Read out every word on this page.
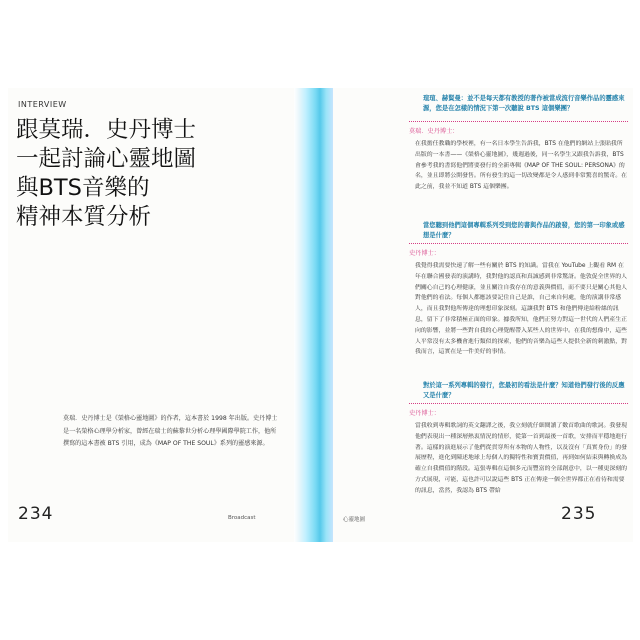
INTERVIEW
跟莫瑞．史丹博士
一起討論心靈地圖
與BTS音樂的
精神本質分析

莫瑞．史丹博士是《榮格心靈地圖》的作者，這本書於 1998 年出版。史丹博士是一名榮格心理學分析家，曾經在瑞士的蘇黎世分析心理學國際學院工作，他所撰寫的這本書被 BTS 引用，成為《MAP OF THE SOUL》系列的靈感來源。

234	Broadcast

瑄瑄、赫賢曼：並不是每天都有教授的著作被當成流行音樂作品的靈感來源，您是在怎樣的情況下第一次聽說 BTS 這個樂團？

莫瑞．史丹博士：

在我擔任教職的學校裡，有一名日本學生告訴我，BTS 在他們的網站上張貼我所出版的一本書——《榮格心靈地圖》，幾週過後，同一名學生又跟我告訴我，BTS 會參考我的書寫他們將要發行的全新專輯《MAP OF THE SOUL: PERSONA》的名，並且即將公開發售。所有發生的這一切改變都是令人感到非常驚喜的驚奇。在此之前，我並不知道 BTS 這個樂團。

當您聽到他們這個專輯系列受到您的書與作品的啟發，您的第一印象或感想是什麼？

史丹博士：

我覺得我需要快速了解一些有關於 BTS 的知識。當我在 YouTube 上觀看 RM 在年在聯合國發表的演講時，我對他的認真和真誠感到非常驚訝。他敦促全世界的人們關心自己的心理健康，並且關注自我存在的意義與價值，而不要只是關心其他人對他們的看法。每個人都應該要記住自己是誰，自己來自何處，他的演講非常感人，而且我對他所傳達的理想印象深刻。這讓我對 BTS 和他們傳達給粉絲的訊息，留下了非常積極正面的印象。據我所知，他們正努力對這一世代的人們產生正向的影響，並將一些對自我的心理覺醒帶入某些人的世界中。在我的想像中，這些人平常沒有太多機會進行類似的探索，他們的音樂為這些人提供全新的刺激點，對我而言，這實在是一件美好的事情。

對於這一系列專輯的發行，您最初的看法是什麼？知道他們發行後的反應又是什麼？

史丹博士：

當我收到專輯歌詞的英文翻譯之後，我立刻就仔細閱讀了數首歌曲的歌詞。我發現他們表現出一種深層熱衷情況的情形，從第一首到最後一首歌，安排而平穩地進行著。這樣的演進展示了他們從貫穿所有本物的人物性，以及沒有「真實身份」的發展歷程，進化到陳述地球上每個人的獨特性和寶貴價值，再到如何結束與轉換成為確立自我價值的階段。這張專輯在這個多元而豐富的全部創意中，以一種更深刻的方式展現，可能，這也許可以說這些 BTS 正在傳達一個全世界都正在看待和需要的訊息，當然，我認為 BTS 帶給

235
心靈地圖
